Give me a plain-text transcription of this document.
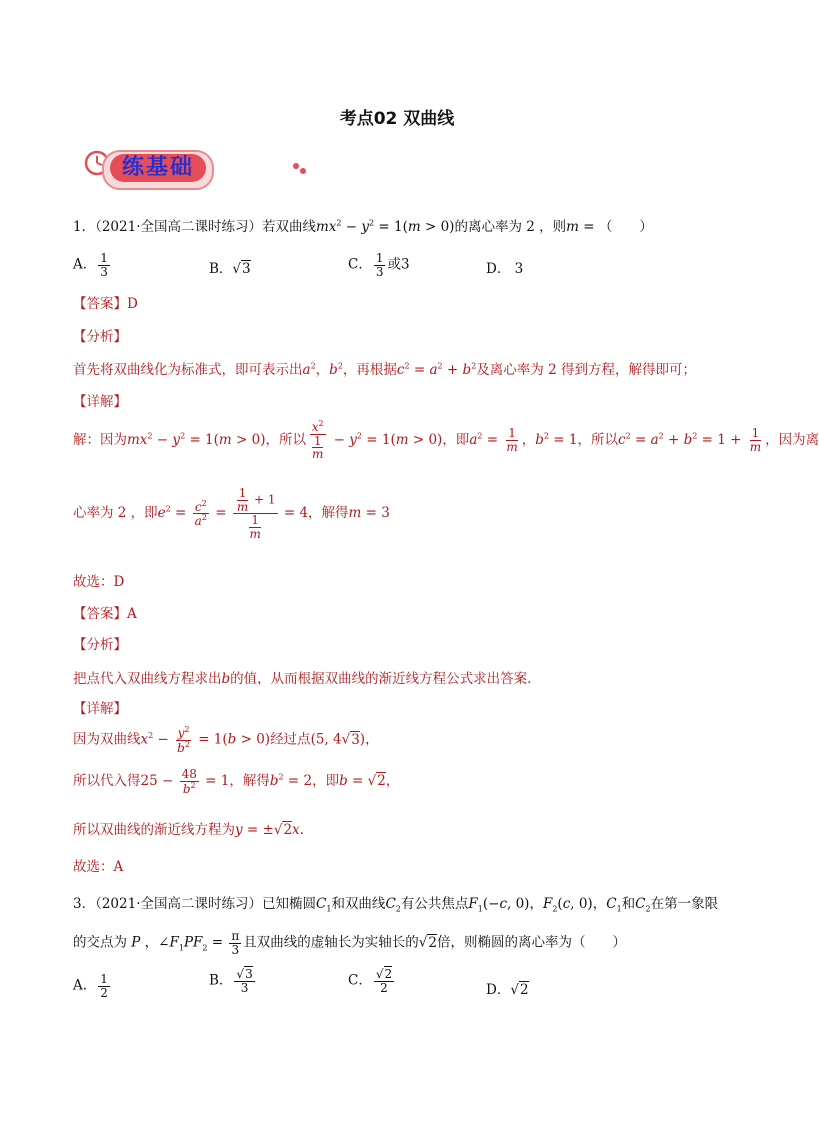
考点02 双曲线
练基础
1．（2021·全国高二课时练习）若双曲线$mx^2 - y^2 = 1(m > 0)$的离心率为 2 ，则m = （　　）
A． $\frac{1}{3}$	B．√3	C． $\frac{1}{3}$ 或3	D． 3
【答案】D
【分析】
首先将双曲线化为标准式，即可表示出$a^2$，$b^2$，再根据$c^2 = a^2 + b^2$及离心率为 2 得到方程，解得即可；
【详解】
解：因为$mx^2 - y^2 = 1(m > 0)$，所以 $\frac{x^2}{\frac{1}{m}} - y^2 = 1(m > 0)$，即$a^2 = \frac{1}{m}$ ，$b^2 = 1$，所以$c^2 = a^2 + b^2 = 1 + \frac{1}{m}$ ，因为离
心率为 2 ，即$e^2 = \frac{c^2}{a^2} = \frac{\frac{1}{m} + 1}{\frac{1}{m}} = 4$，解得m = 3
故选：D
【答案】A
【分析】
把点代入双曲线方程求出b的值，从而根据双曲线的渐近线方程公式求出答案.
【详解】
因为双曲线$x^2 - \frac{y^2}{b^2} = 1(b > 0)$经过点(5, 4√3)，
所以代入得$25 - \frac{48}{b^2} = 1$，解得$b^2 = 2$，即b = √2，
所以双曲线的渐近线方程为y = ±√2x.
故选：A
3．（2021·全国高二课时练习）已知椭圆$C_1$和双曲线$C_2$有公共焦点$F_1(-c$, 0)，$F_2(c$, 0)，$C_1$和$C_2$在第一象限
的交点为 P ，$\angle F_1PF_2 = \frac{\pi}{3}$ 且双曲线的虚轴长为实轴长的√2倍，则椭圆的离心率为（　　）
A． $\frac{1}{2}$	B． $\frac{√3}{3}$	C． $\frac{√2}{2}$	D．√2
